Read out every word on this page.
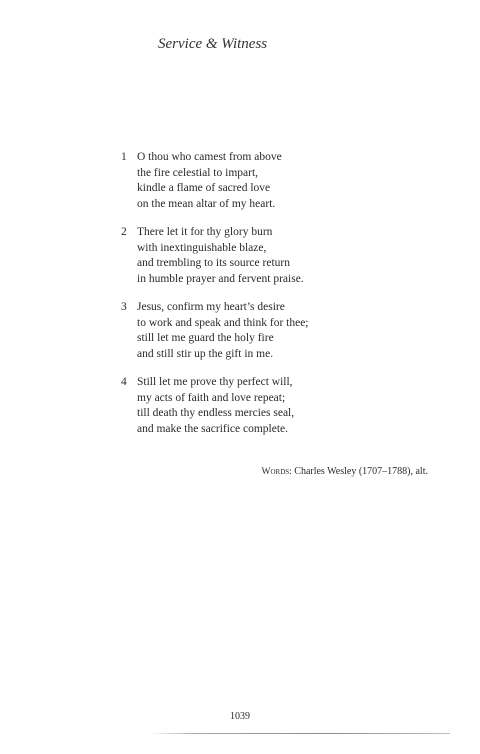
Service & Witness
1 O thou who camest from above
the fire celestial to impart,
kindle a flame of sacred love
on the mean altar of my heart.
2 There let it for thy glory burn
with inextinguishable blaze,
and trembling to its source return
in humble prayer and fervent praise.
3 Jesus, confirm my heart’s desire
to work and speak and think for thee;
still let me guard the holy fire
and still stir up the gift in me.
4 Still let me prove thy perfect will,
my acts of faith and love repeat;
till death thy endless mercies seal,
and make the sacrifice complete.
Words: Charles Wesley (1707–1788), alt.
1039
